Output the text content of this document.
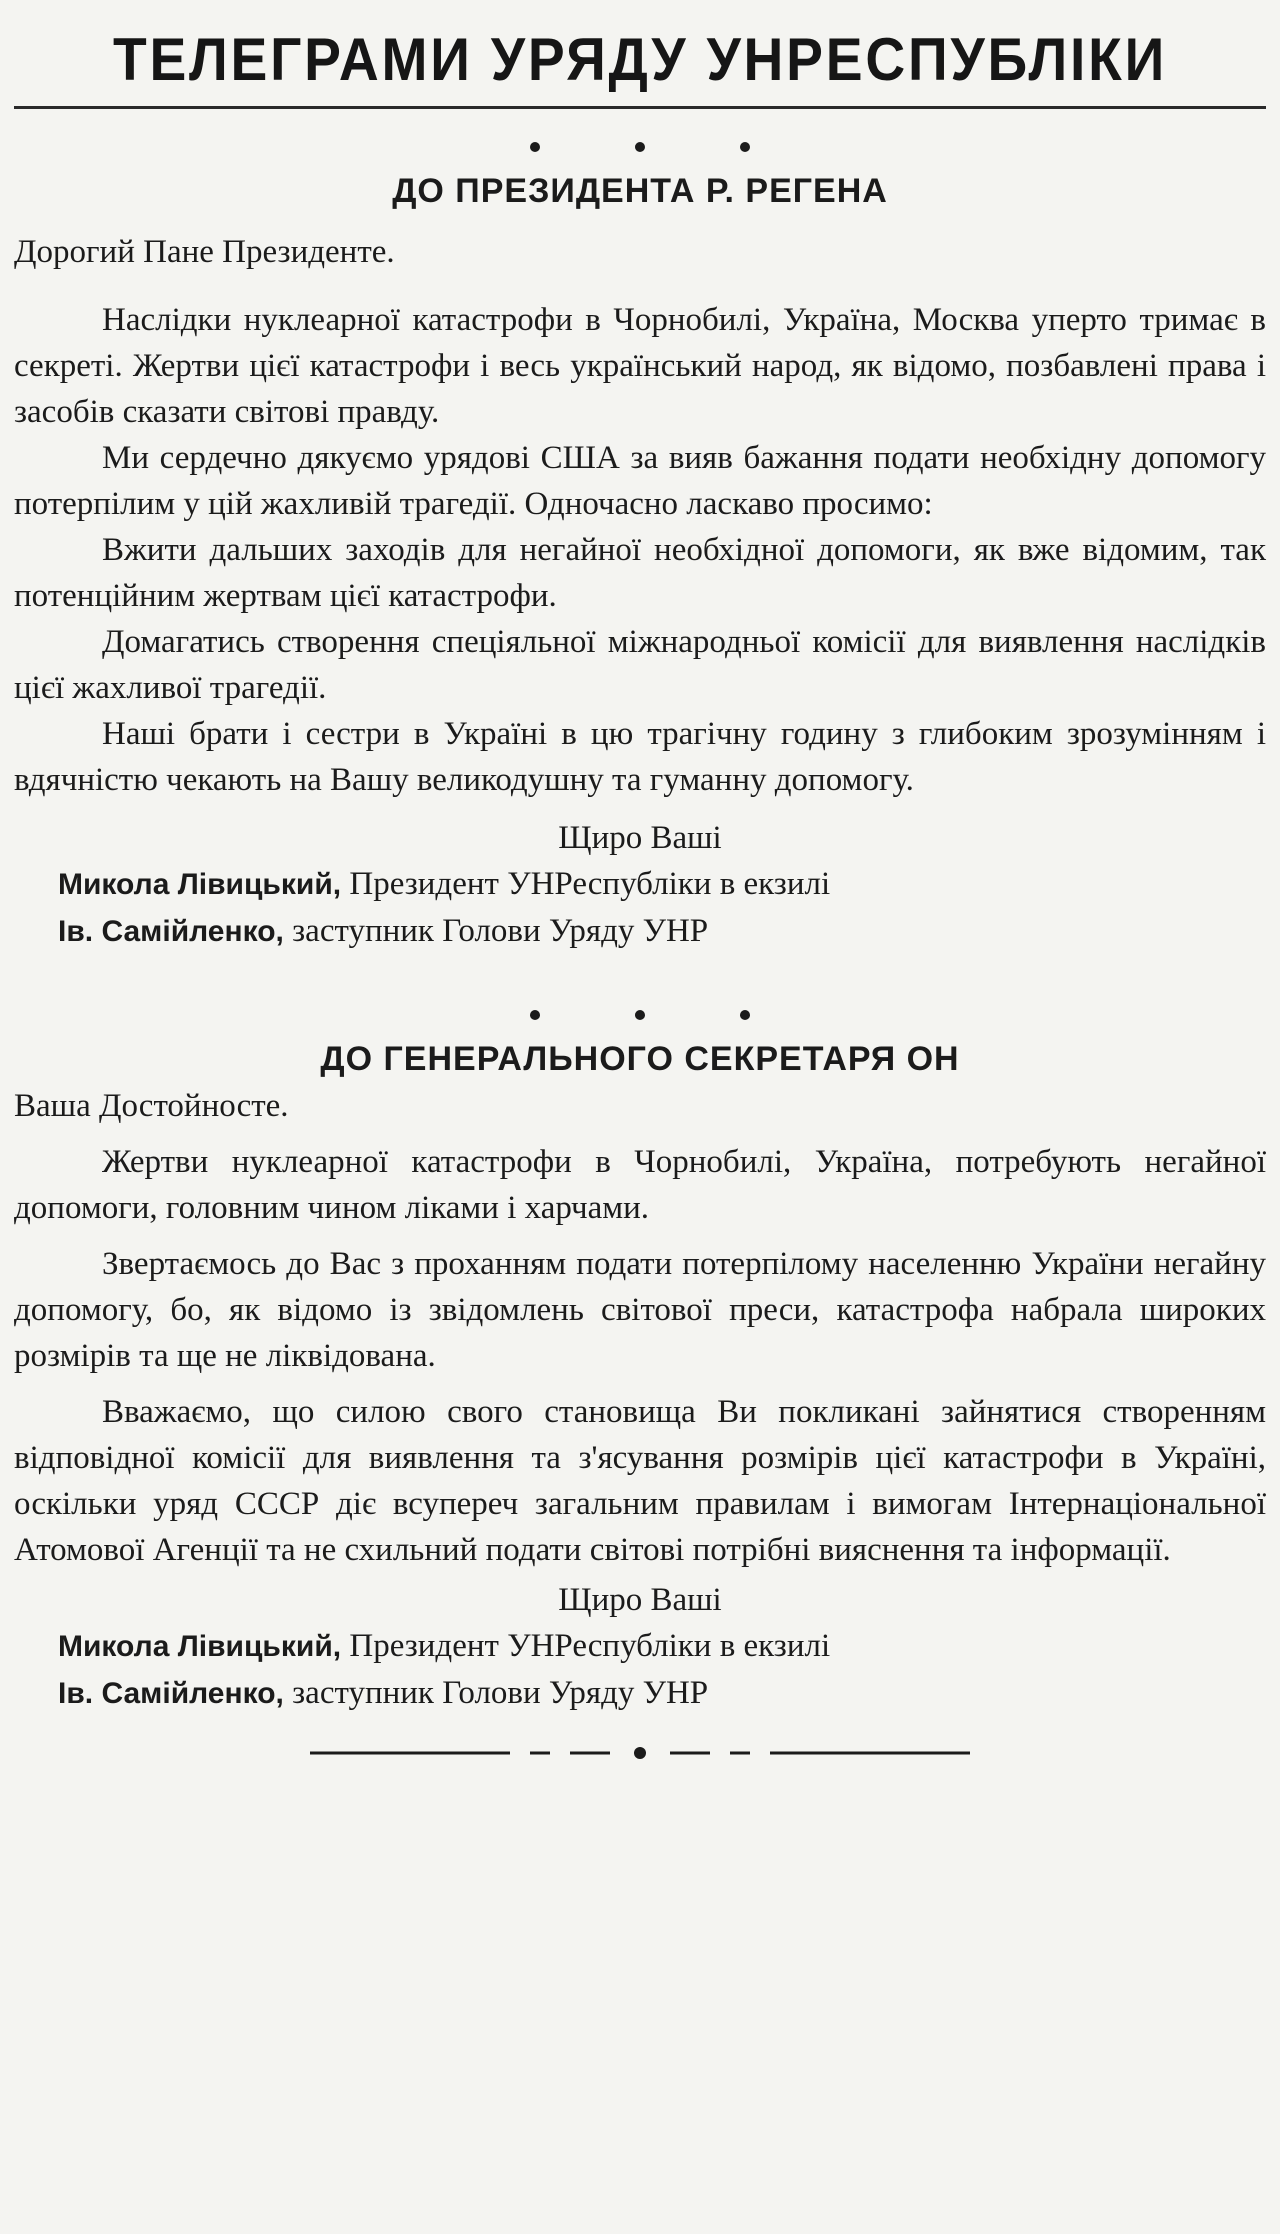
ТЕЛЕГРАМИ УРЯДУ УНРЕСПУБЛІКИ
ДО ПРЕЗИДЕНТА Р. РЕГЕНА

Дорогий Пане Президенте.

Наслідки нуклеарної катастрофи в Чорнобилі, Україна, Москва уперто тримає в секреті. Жертви цієї катастрофи і весь український народ, як відомо, позбавлені права і засобів сказати світові правду.

Ми сердечно дякуємо урядові США за вияв бажання подати необхідну допомогу потерпілим у цій жахливій трагедії. Одночасно ласкаво просимо:

Вжити дальших заходів для негайної необхідної допомоги, як вже відомим, так потенційним жертвам цієї катастрофи.

Домагатись створення спеціяльної міжнародньої комісії для виявлення наслідків цієї жахливої трагедії.

Наші брати і сестри в Україні в цю трагічну годину з глибоким зрозумінням і вдячністю чекають на Вашу великодушну та гуманну допомогу.

Щиро Ваші

Микола Лівицький, Президент УНРеспубліки в екзилі

Ів. Самійленко, заступник Голови Уряду УНР

ДО ГЕНЕРАЛЬНОГО СЕКРЕТАРЯ ОН

Ваша Достойносте.

Жертви нуклеарної катастрофи в Чорнобилі, Україна, потребують негайної допомоги, головним чином ліками і харчами.

Звертаємось до Вас з проханням подати потерпілому населенню України негайну допомогу, бо, як відомо із звідомлень світової преси, катастрофа набрала широких розмірів та ще не ліквідована.

Вважаємо, що силою свого становища Ви покликані зайнятися створенням відповідної комісії для виявлення та з'ясування розмірів цієї катастрофи в Україні, оскільки уряд СССР діє всупереч загальним правилам і вимогам Інтернаціональної Атомової Агенції та не схильний подати світові потрібні вияснення та інформації.

Щиро Ваші

Микола Лівицький, Президент УНРеспубліки в екзилі

Ів. Самійленко, заступник Голови Уряду УНР
